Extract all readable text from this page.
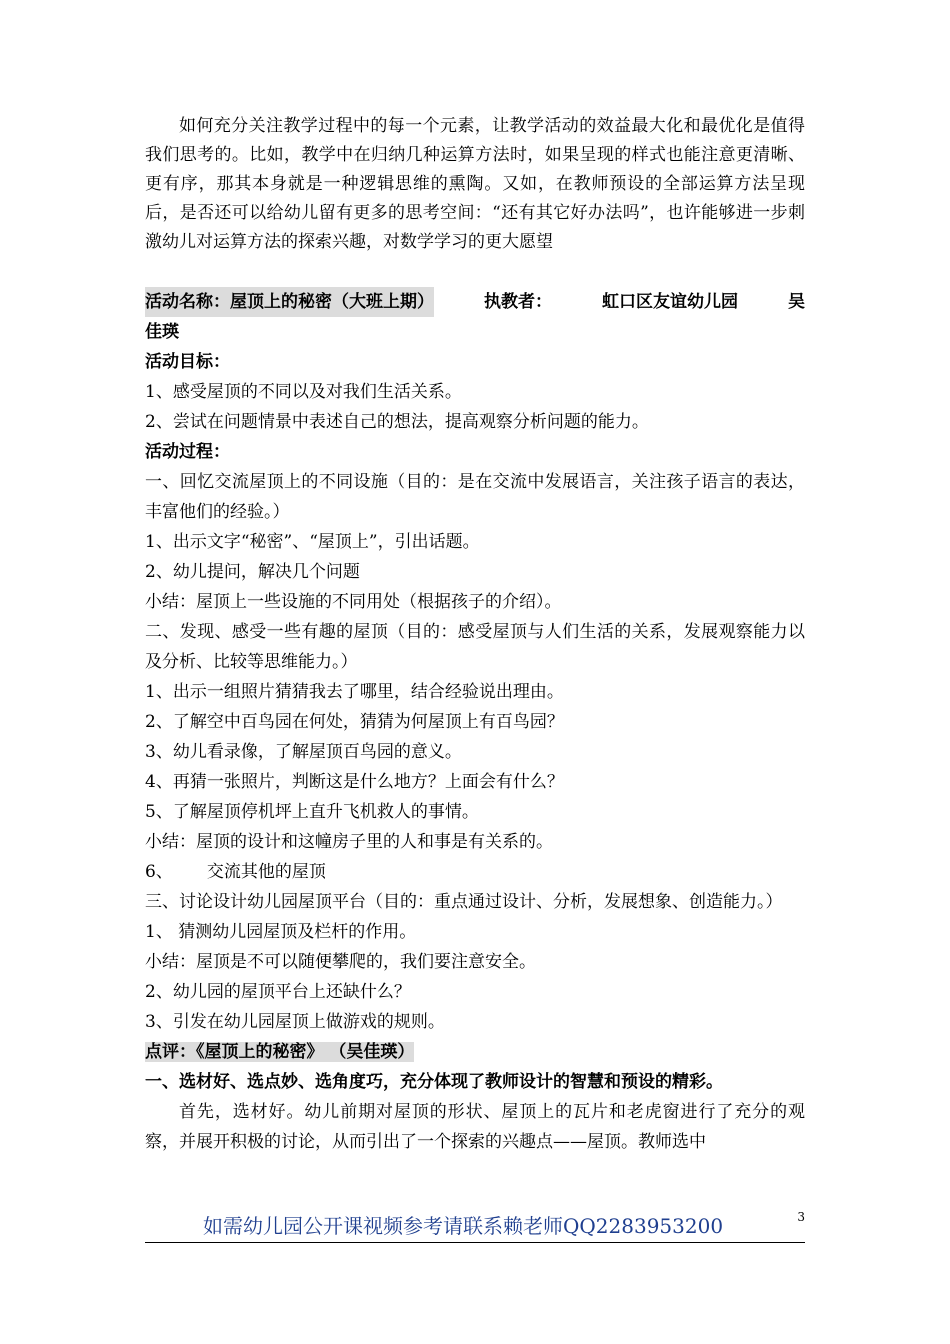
如何充分关注教学过程中的每一个元素，让教学活动的效益最大化和最优化是值得我们思考的。比如，教学中在归纳几种运算方法时，如果呈现的样式也能注意更清晰、更有序，那其本身就是一种逻辑思维的熏陶。又如，在教师预设的全部运算方法呈现后，是否还可以给幼儿留有更多的思考空间：“还有其它好办法吗”，也许能够进一步刺激幼儿对运算方法的探索兴趣，对数学学习的更大愿望

活动名称：屋顶上的秘密（大班上期）	执教者：	虹口区友谊幼儿园	吴
佳瑛
活动目标：
1、感受屋顶的不同以及对我们生活关系。
2、尝试在问题情景中表述自己的想法，提高观察分析问题的能力。
活动过程：
一、回忆交流屋顶上的不同设施（目的：是在交流中发展语言，关注孩子语言的表达，丰富他们的经验。）
1、出示文字“秘密”、“屋顶上”，引出话题。
2、幼儿提问，解决几个问题
小结：屋顶上一些设施的不同用处（根据孩子的介绍）。
二、发现、感受一些有趣的屋顶（目的：感受屋顶与人们生活的关系，发展观察能力以及分析、比较等思维能力。）
1、出示一组照片猜猜我去了哪里，结合经验说出理由。
2、了解空中百鸟园在何处，猜猜为何屋顶上有百鸟园？
3、幼儿看录像，了解屋顶百鸟园的意义。
4、再猜一张照片，判断这是什么地方？上面会有什么？
5、了解屋顶停机坪上直升飞机救人的事情。
小结：屋顶的设计和这幢房子里的人和事是有关系的。
6、 交流其他的屋顶
三、讨论设计幼儿园屋顶平台（目的：重点通过设计、分析，发展想象、创造能力。）
1、 猜测幼儿园屋顶及栏杆的作用。
小结：屋顶是不可以随便攀爬的，我们要注意安全。
2、幼儿园的屋顶平台上还缺什么？
3、引发在幼儿园屋顶上做游戏的规则。
点评：《屋顶上的秘密》 （吴佳瑛）
一、选材好、选点妙、选角度巧，充分体现了教师设计的智慧和预设的精彩。
首先，选材好。幼儿前期对屋顶的形状、屋顶上的瓦片和老虎窗进行了充分的观察，并展开积极的讨论，从而引出了一个探索的兴趣点——屋顶。教师选中
如需幼儿园公开课视频参考请联系赖老师QQ2283953200	3
